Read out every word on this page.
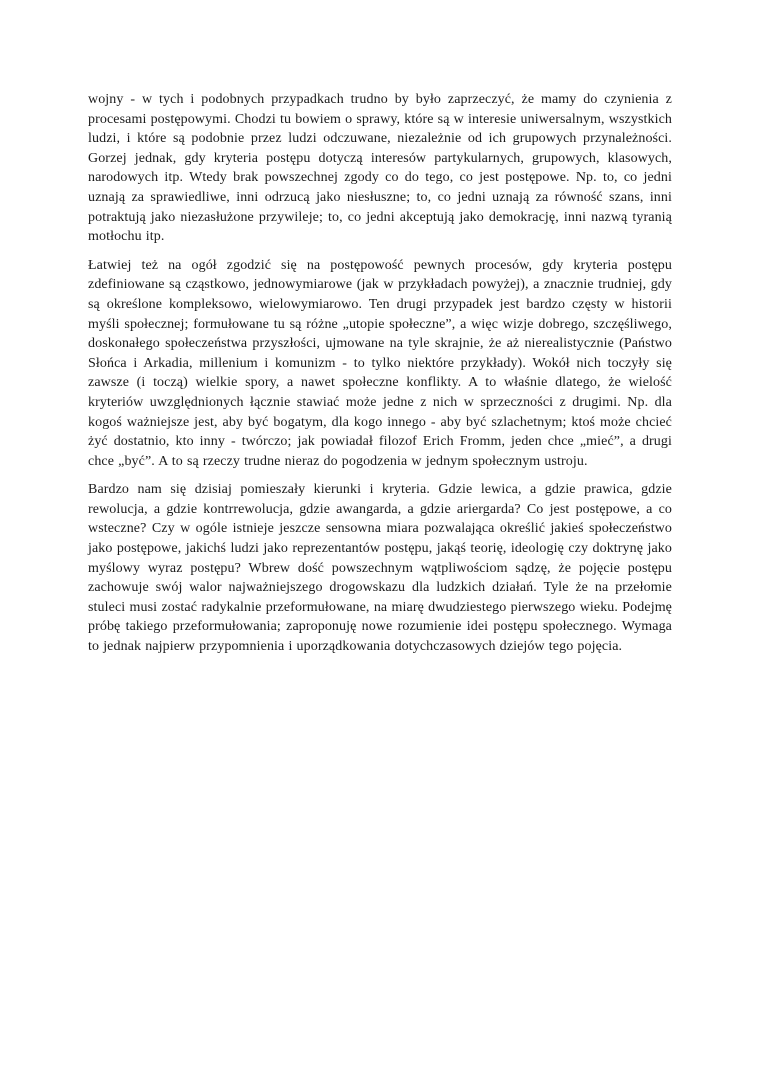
wojny - w tych i podobnych przypadkach trudno by było zaprzeczyć, że mamy do czynienia z procesami postępowymi. Chodzi tu bowiem o sprawy, które są w interesie uniwersalnym, wszystkich ludzi, i które są podobnie przez ludzi odczuwane, niezależnie od ich grupowych przynależności. Gorzej jednak, gdy kryteria postępu dotyczą interesów partykularnych, grupowych, klasowych, narodowych itp. Wtedy brak powszechnej zgody co do tego, co jest postępowe. Np. to, co jedni uznają za sprawiedliwe, inni odrzucą jako niesłuszne; to, co jedni uznają za równość szans, inni potraktują jako niezasłużone przywileje; to, co jedni akceptują jako demokrację, inni nazwą tyranią motłochu itp.

Łatwiej też na ogół zgodzić się na postępowość pewnych procesów, gdy kryteria postępu zdefiniowane są cząstkowo, jednowymiarowe (jak w przykładach powyżej), a znacznie trudniej, gdy są określone kompleksowo, wielowymiarowo. Ten drugi przypadek jest bardzo częsty w historii myśli społecznej; formułowane tu są różne „utopie społeczne”, a więc wizje dobrego, szczęśliwego, doskonałego społeczeństwa przyszłości, ujmowane na tyle skrajnie, że aż nierealistycznie (Państwo Słońca i Arkadia, millenium i komunizm - to tylko niektóre przykłady). Wokół nich toczyły się zawsze (i toczą) wielkie spory, a nawet społeczne konflikty. A to właśnie dlatego, że wielość kryteriów uwzględnionych łącznie stawiać może jedne z nich w sprzeczności z drugimi. Np. dla kogoś ważniejsze jest, aby być bogatym, dla kogo innego - aby być szlachetnym; ktoś może chcieć żyć dostatnio, kto inny - twórczo; jak powiadał filozof Erich Fromm, jeden chce „mieć”, a drugi chce „być”. A to są rzeczy trudne nieraz do pogodzenia w jednym społecznym ustroju.

Bardzo nam się dzisiaj pomieszały kierunki i kryteria. Gdzie lewica, a gdzie prawica, gdzie rewolucja, a gdzie kontrrewolucja, gdzie awangarda, a gdzie ariergarda? Co jest postępowe, a co wsteczne? Czy w ogóle istnieje jeszcze sensowna miara pozwalająca określić jakieś społeczeństwo jako postępowe, jakichś ludzi jako reprezentantów postępu, jakąś teorię, ideologię czy doktrynę jako myślowy wyraz postępu? Wbrew dość powszechnym wątpliwościom sądzę, że pojęcie postępu zachowuje swój walor najważniejszego drogowskazu dla ludzkich działań. Tyle że na przełomie stuleci musi zostać radykalnie przeformułowane, na miarę dwudziestego pierwszego wieku. Podejmę próbę takiego przeformułowania; zaproponuję nowe rozumienie idei postępu społecznego. Wymaga to jednak najpierw przypomnienia i uporządkowania dotychczasowych dziejów tego pojęcia.
